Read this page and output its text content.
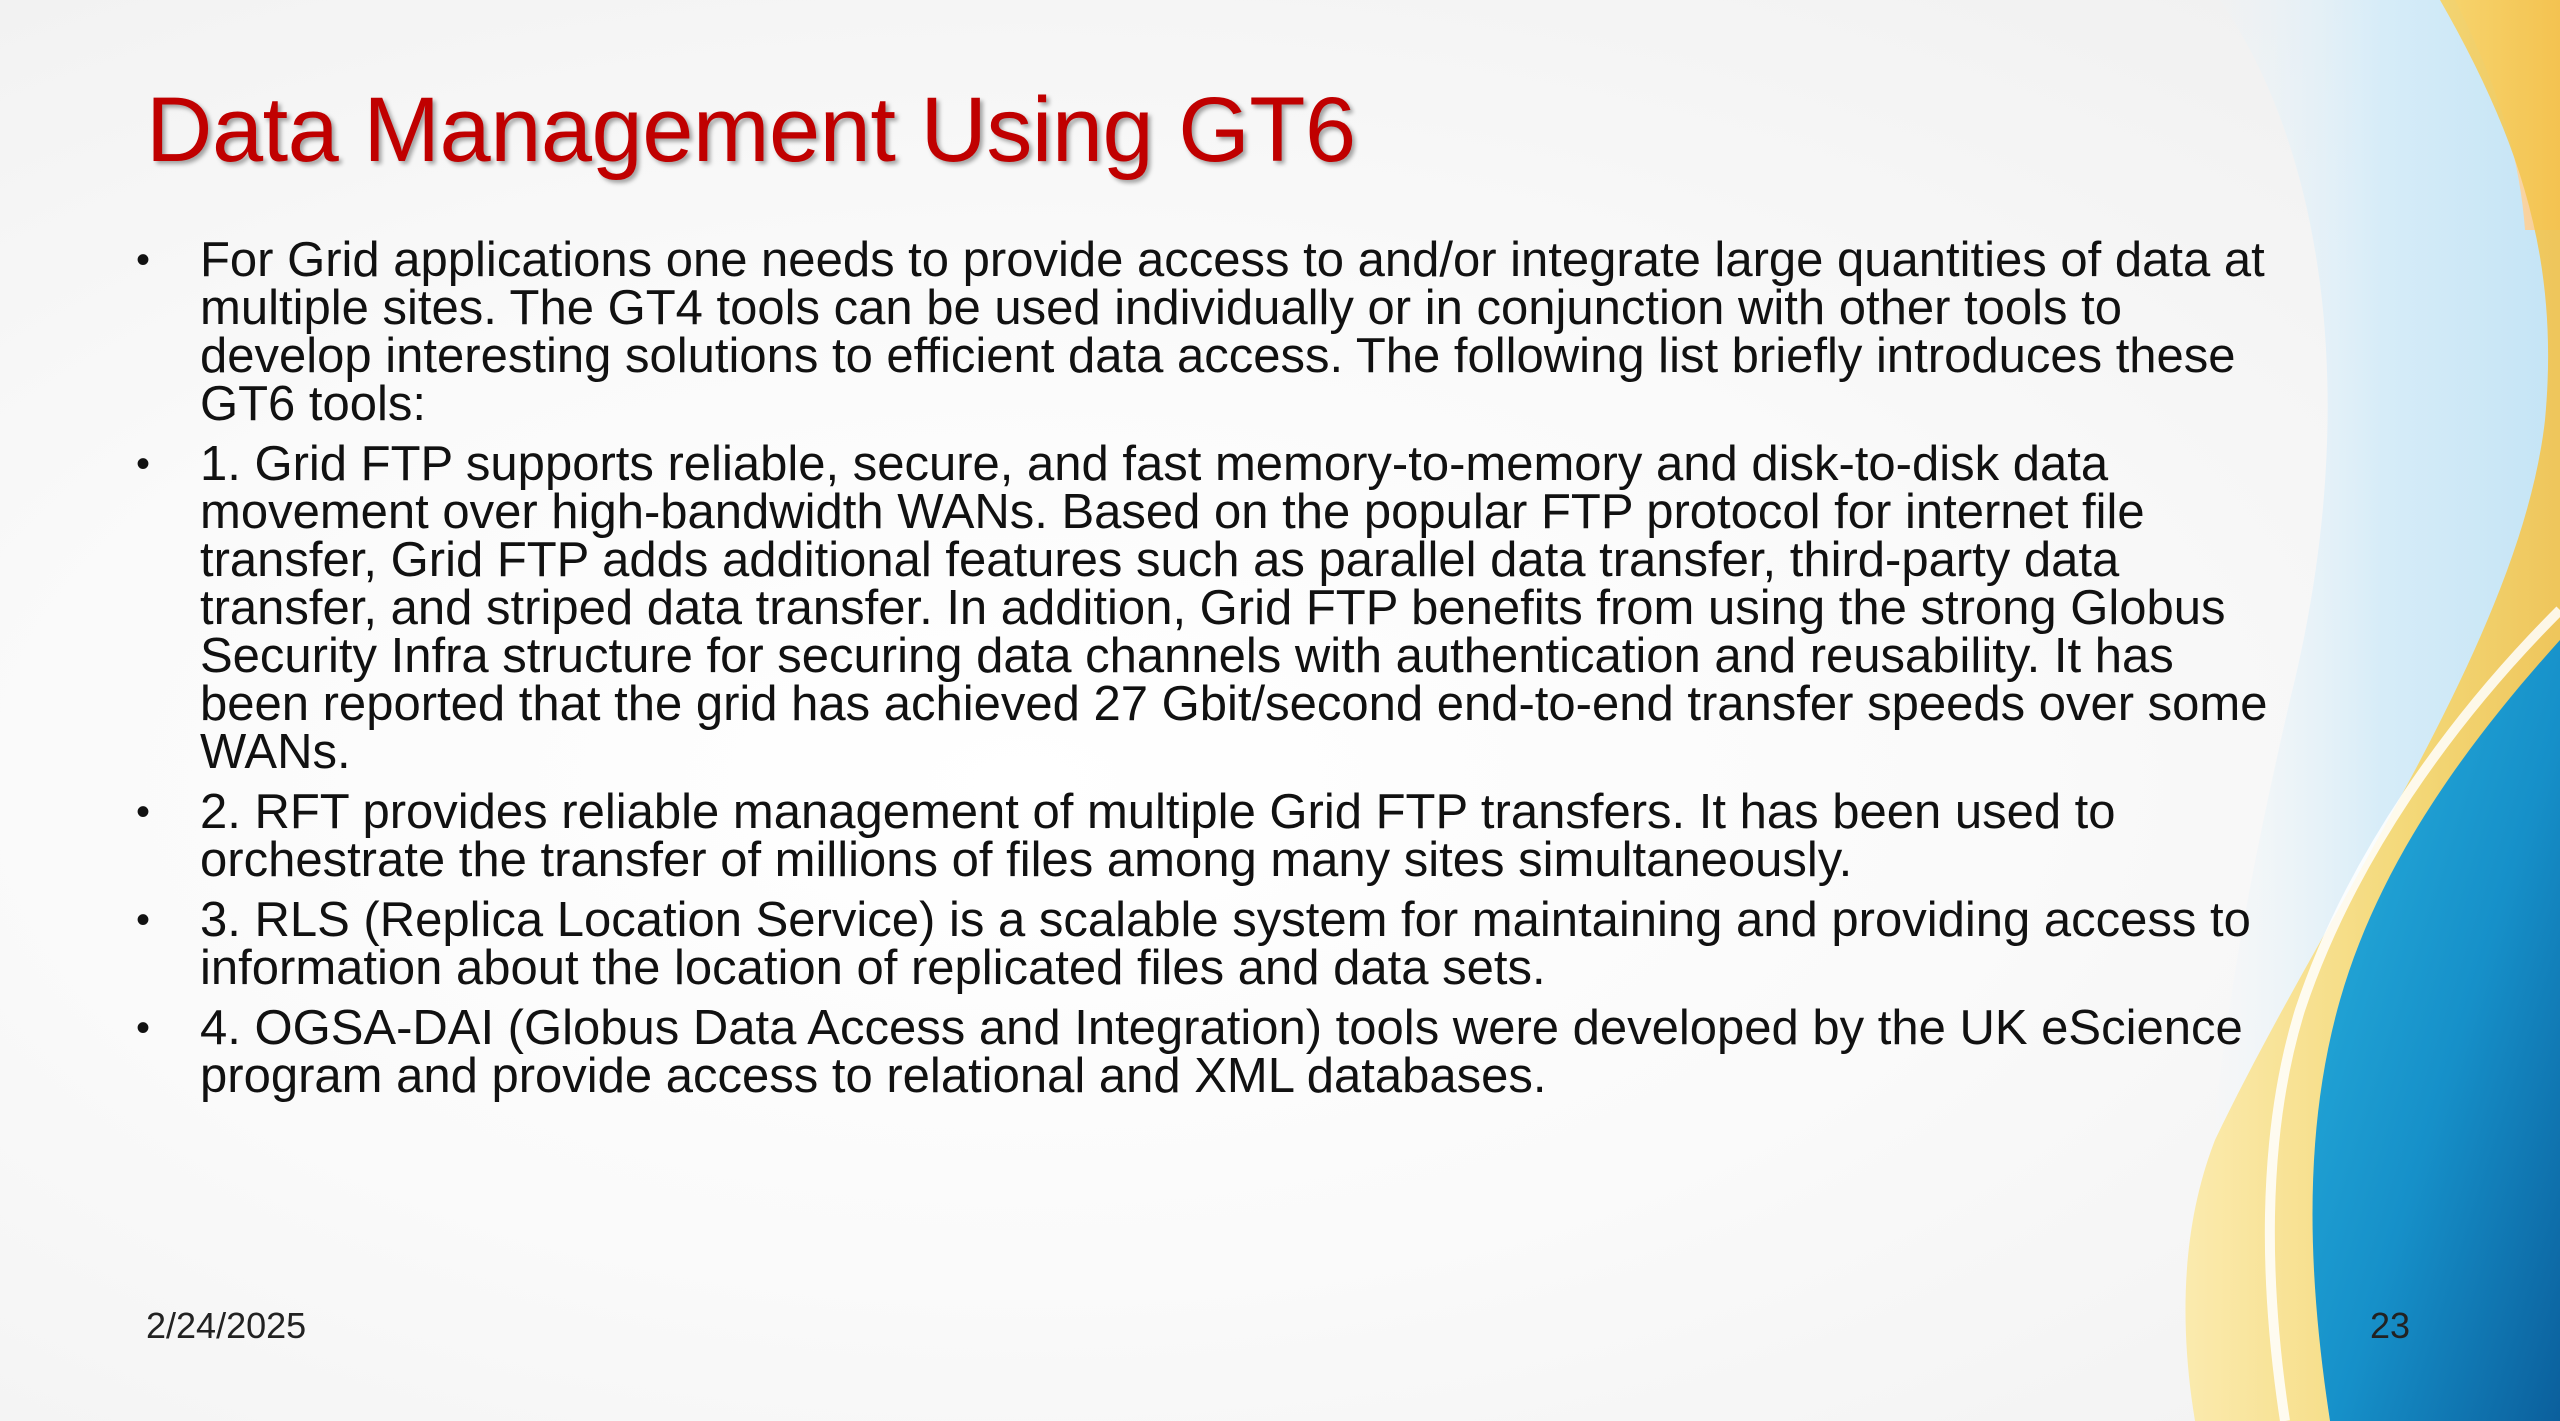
Data Management Using GT6
• For Grid applications one needs to provide access to and/or integrate large quantities of data at multiple sites. The GT4 tools can be used individually or in conjunction with other tools to develop interesting solutions to efficient data access. The following list briefly introduces these GT6 tools:
• 1. Grid FTP supports reliable, secure, and fast memory-to-memory and disk-to-disk data movement over high-bandwidth WANs. Based on the popular FTP protocol for internet file transfer, Grid FTP adds additional features such as parallel data transfer, third-party data transfer, and striped data transfer. In addition, Grid FTP benefits from using the strong Globus Security Infra structure for securing data channels with authentication and reusability. It has been reported that the grid has achieved 27 Gbit/second end-to-end transfer speeds over some WANs.
• 2. RFT provides reliable management of multiple Grid FTP transfers. It has been used to orchestrate the transfer of millions of files among many sites simultaneously.
• 3. RLS (Replica Location Service) is a scalable system for maintaining and providing access to information about the location of replicated files and data sets.
• 4. OGSA-DAI (Globus Data Access and Integration) tools were developed by the UK eScience program and provide access to relational and XML databases.
2/24/2025	23
